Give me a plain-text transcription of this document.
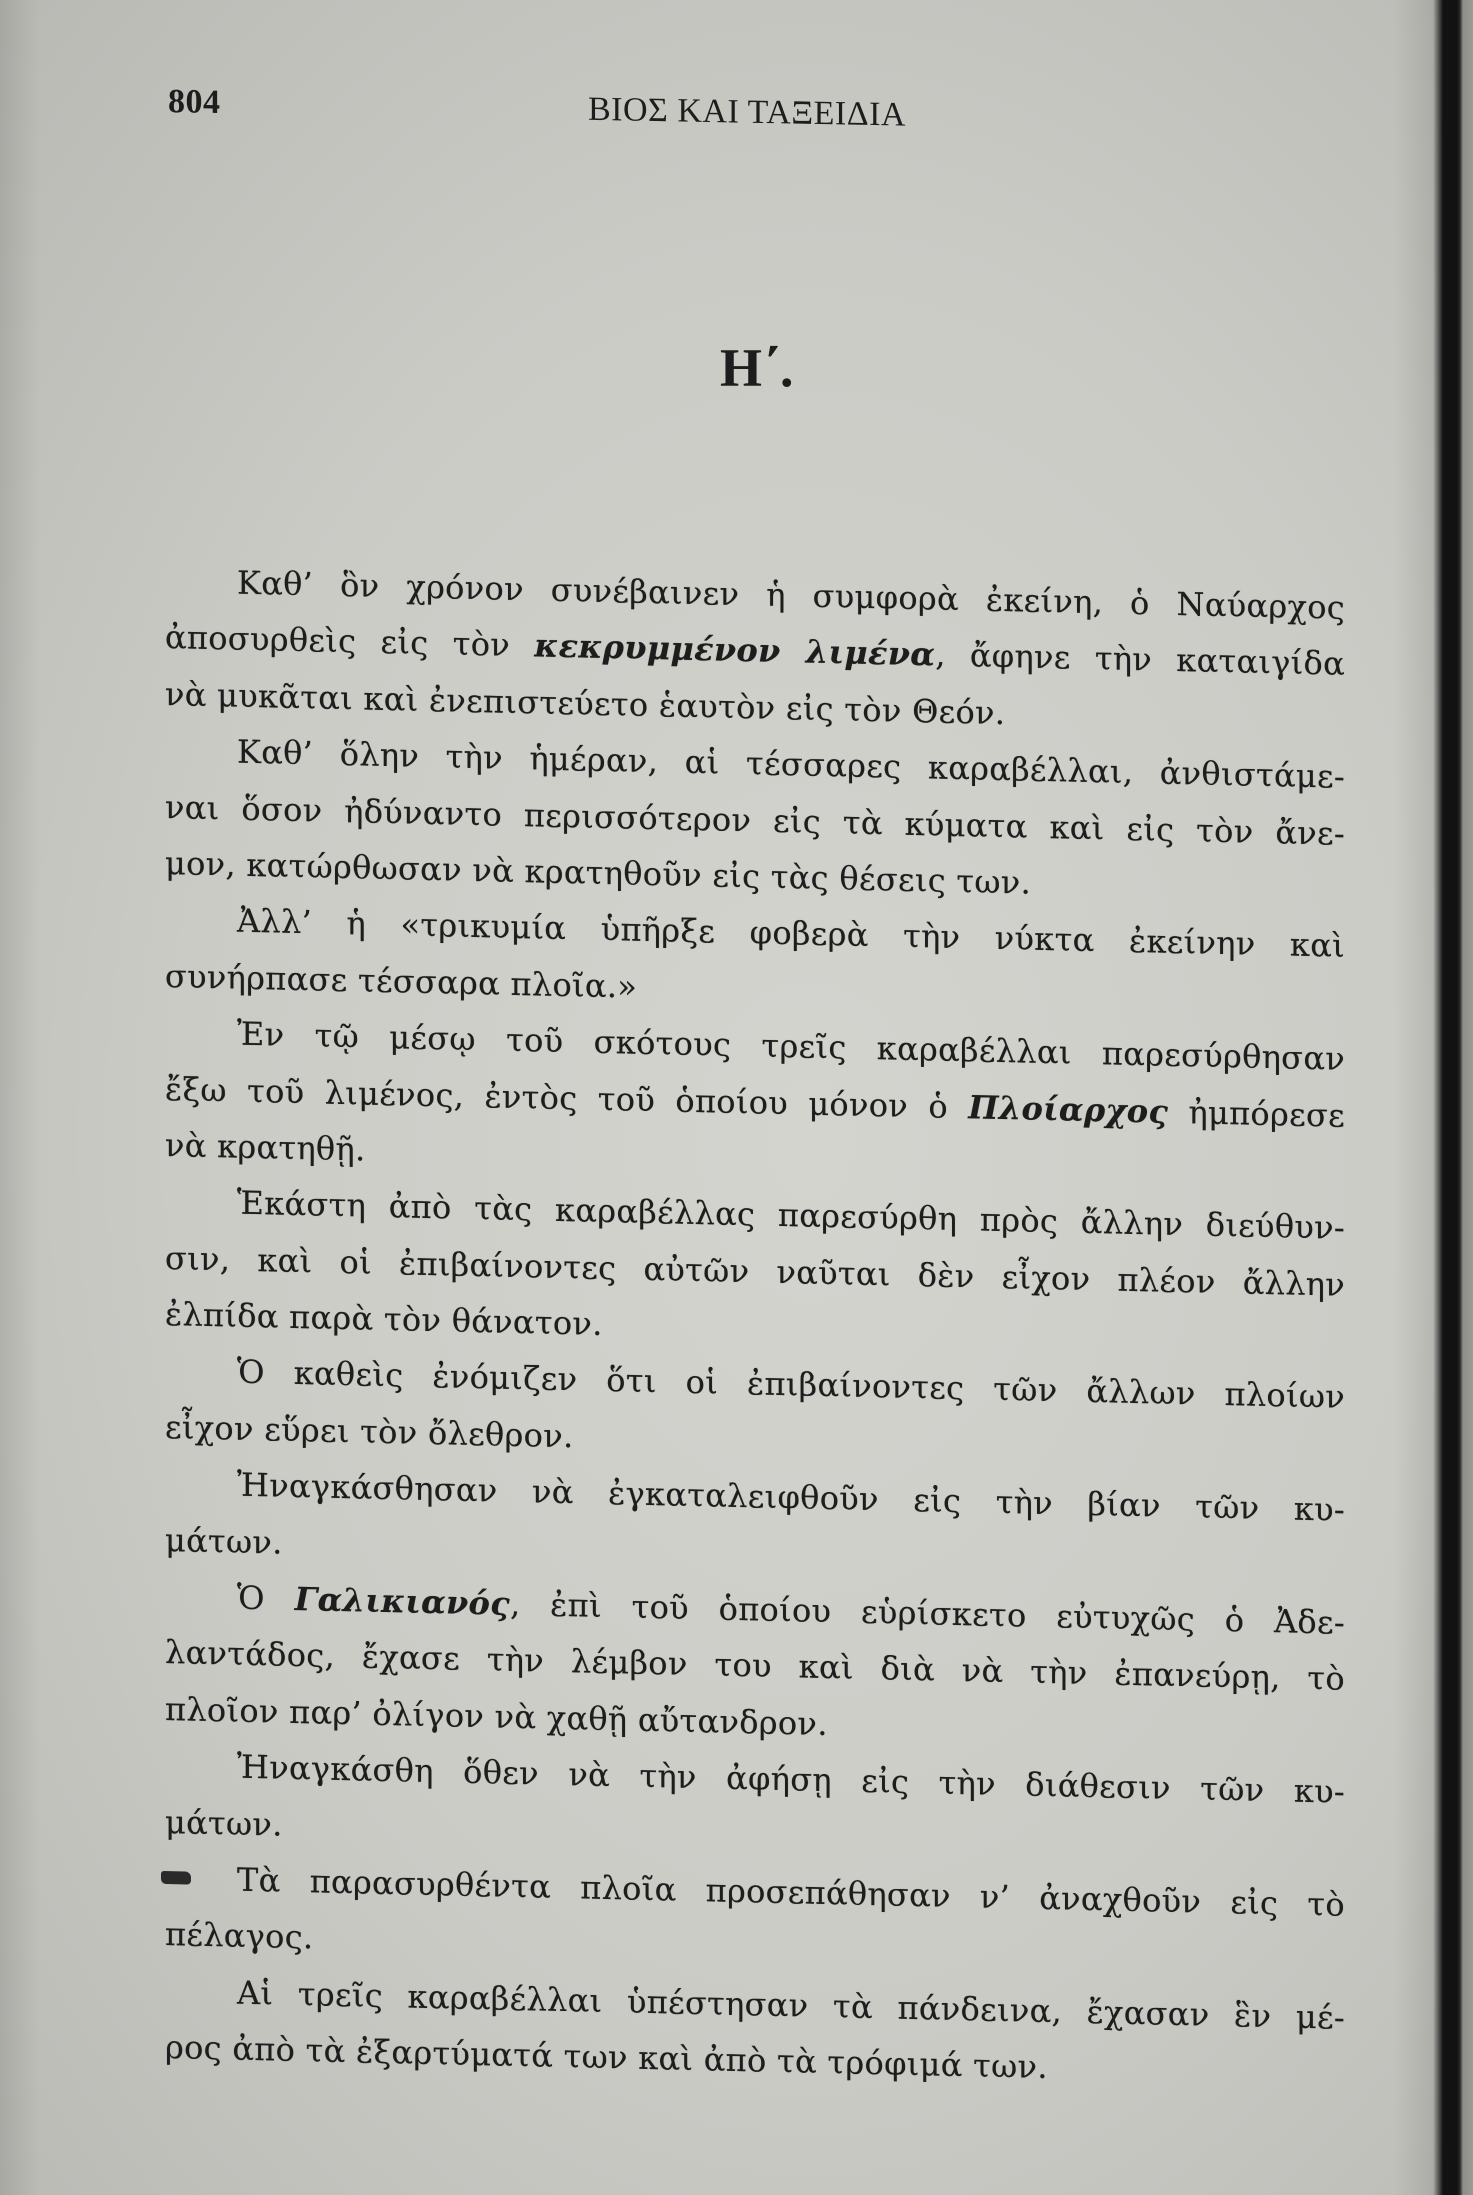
804	ΒΙΟΣ ΚΑΙ ΤΑΞΕΙΔΙΑ
Η΄.
Καθ’ ὃν χρόνον συνέβαινεν ἡ συμφορὰ ἐκείνη, ὁ Ναύαρχος
ἀποσυρθεὶς εἰς τὸν κεκρυμμένον λιμένα, ἄφηνε τὴν καταιγίδα
νὰ μυκᾶται καὶ ἐνεπιστεύετο ἑαυτὸν εἰς τὸν Θεόν.
Καθ’ ὅλην τὴν ἡμέραν, αἱ τέσσαρες καραβέλλαι, ἀνθιστάμε-
ναι ὅσον ἠδύναντο περισσότερον εἰς τὰ κύματα καὶ εἰς τὸν ἄνε-
μον, κατώρθωσαν νὰ κρατηθοῦν εἰς τὰς θέσεις των.
Ἀλλ’ ἡ «τρικυμία ὑπῆρξε φοβερὰ τὴν νύκτα ἐκείνην καὶ
συνήρπασε τέσσαρα πλοῖα.»
Ἐν τῷ μέσῳ τοῦ σκότους τρεῖς καραβέλλαι παρεσύρθησαν
ἔξω τοῦ λιμένος, ἐντὸς τοῦ ὁποίου μόνον ὁ Πλοίαρχος ἠμπόρεσε
νὰ κρατηθῇ.
Ἑκάστη ἀπὸ τὰς καραβέλλας παρεσύρθη πρὸς ἄλλην διεύθυν-
σιν, καὶ οἱ ἐπιβαίνοντες αὐτῶν ναῦται δὲν εἶχον πλέον ἄλλην
ἐλπίδα παρὰ τὸν θάνατον.
Ὁ καθεὶς ἐνόμιζεν ὅτι οἱ ἐπιβαίνοντες τῶν ἄλλων πλοίων
εἶχον εὕρει τὸν ὄλεθρον.
Ἠναγκάσθησαν νὰ ἐγκαταλειφθοῦν εἰς τὴν βίαν τῶν κυ-
μάτων.
Ὁ Γαλικιανός, ἐπὶ τοῦ ὁποίου εὑρίσκετο εὐτυχῶς ὁ Ἀδε-
λαντάδος, ἔχασε τὴν λέμβον του καὶ διὰ νὰ τὴν ἐπανεύρῃ, τὸ
πλοῖον παρ’ ὀλίγον νὰ χαθῇ αὔτανδρον.
Ἠναγκάσθη ὅθεν νὰ τὴν ἀφήσῃ εἰς τὴν διάθεσιν τῶν κυ-
μάτων.
Τὰ παρασυρθέντα πλοῖα προσεπάθησαν ν’ ἀναχθοῦν εἰς τὸ
πέλαγος.
Αἱ τρεῖς καραβέλλαι ὑπέστησαν τὰ πάνδεινα, ἔχασαν ἓν μέ-
ρος ἀπὸ τὰ ἐξαρτύματά των καὶ ἀπὸ τὰ τρόφιμά των.
